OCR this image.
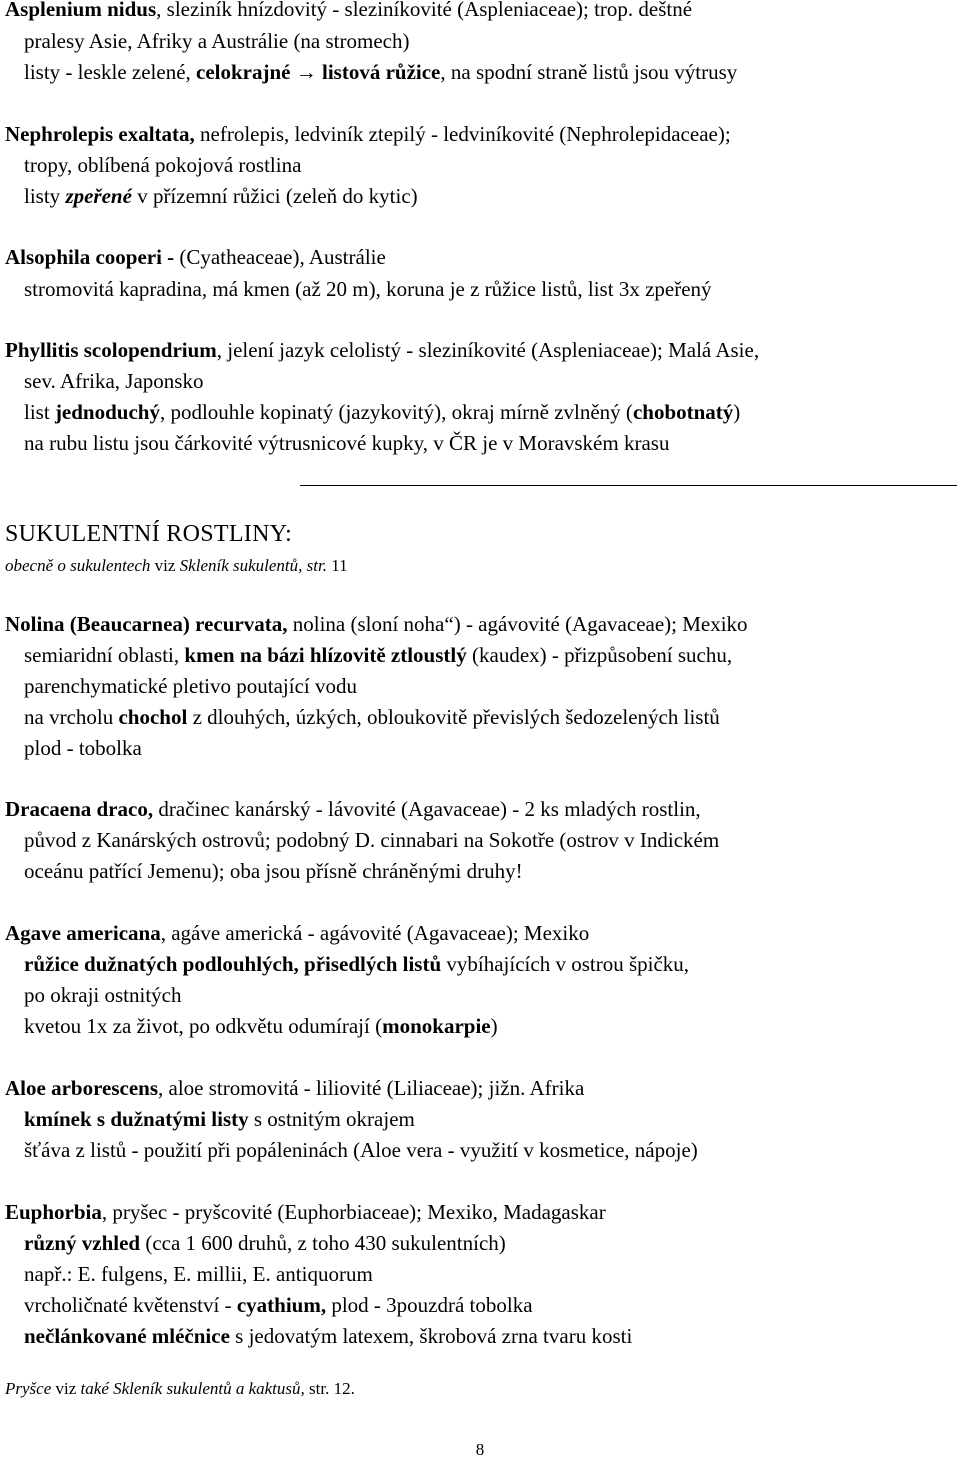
Asplenium nidus, sleziník hnízdovitý - sleziníkovité (Aspleniaceae); trop. deštné
pralesy Asie, Afriky a Austrálie (na stromech)
listy - leskle zelené, celokrajné → listová růžice, na spodní straně listů jsou výtrusy
Nephrolepis exaltata, nefrolepis, ledviník ztepilý - ledviníkovité (Nephrolepidaceae);
tropy, oblíbená pokojová rostlina
listy zpeřené v přízemní růžici (zeleň do kytic)
Alsophila cooperi - (Cyatheaceae), Austrálie
stromovitá kapradina, má kmen (až 20 m), koruna je z růžice listů, list 3x zpeřený
Phyllitis scolopendrium, jelení jazyk celolistý - sleziníkovité (Aspleniaceae); Malá Asie,
sev. Afrika, Japonsko
list jednoduchý, podlouhle kopinatý (jazykovitý), okraj mírně zvlněný (chobotnatý)
na rubu listu jsou čárkovité výtrusnicové kupky, v ČR je v Moravském krasu
SUKULENTNÍ ROSTLINY:
obecně o sukulentech viz Skleník sukulentů, str. 11
Nolina (Beaucarnea) recurvata, nolina (sloní noha“) - agávovité (Agavaceae); Mexiko
semiaridní oblasti, kmen na bázi hlízovitě ztloustlý (kaudex) - přizpůsobení suchu,
parenchymatické pletivo poutající vodu
na vrcholu chochol z dlouhých, úzkých, obloukovitě převislých šedozelených listů
plod - tobolka
Dracaena draco, dračinec kanárský - lávovité (Agavaceae) - 2 ks mladých rostlin,
původ z Kanárských ostrovů; podobný D. cinnabari na Sokotře (ostrov v Indickém
oceánu patřící Jemenu); oba jsou přísně chráněnými druhy!
Agave americana, agáve americká - agávovité (Agavaceae); Mexiko
růžice dužnatých podlouhlých, přisedlých listů vybíhajících v ostrou špičku,
po okraji ostnitých
kvetou 1x za život, po odkvětu odumírají (monokarpie)
Aloe arborescens, aloe stromovitá - liliovité (Liliaceae); jižn. Afrika
kmínek s dužnatými listy s ostnitým okrajem
šťáva z listů - použití při popáleninách (Aloe vera - využití v kosmetice, nápoje)
Euphorbia, pryšec - pryšcovité (Euphorbiaceae); Mexiko, Madagaskar
různý vzhled (cca 1 600 druhů, z toho 430 sukulentních)
např.: E. fulgens, E. millii, E. antiquorum
vrcholičnaté květenství - cyathium, plod - 3pouzdrá tobolka
nečlánkované mléčnice s jedovatým latexem, škrobová zrna tvaru kosti
Pryšce viz také Skleník sukulentů a kaktusů, str. 12.
8
